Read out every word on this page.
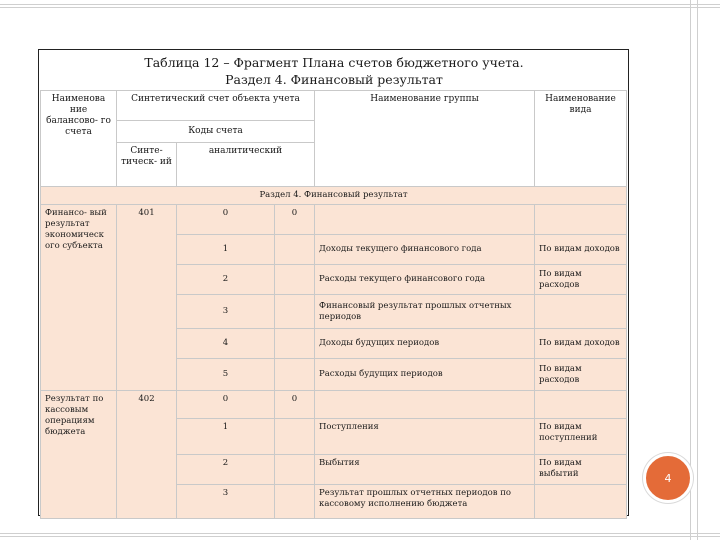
Таблица 12 – Фрагмент Плана счетов бюджетного учета.
Раздел 4. Финансовый результат
Наименова ние балансово- го счета	Синтетический счет объекта учета			Наименование группы	Наименование вида
	Коды счета				
	Синте- тическ- ий	аналитический			

Раздел 4. Финансовый результат					
Финансо- вый результат экономическ ого субъекта	401	0	0		
		1		Доходы текущего финансового года	По видам доходов
		2		Расходы текущего финансового года	По видам расходов
		3		Финансовый результат прошлых отчетных периодов	
		4		Доходы будущих периодов	По видам доходов
		5		Расходы будущих периодов	По видам расходов
Результат по кассовым операциям бюджета	402	0	0		
		1		Поступления	По видам поступлений
		2		Выбытия	По видам выбытий
		3		Результат прошлых отчетных периодов по кассовому исполнению бюджета	
4
